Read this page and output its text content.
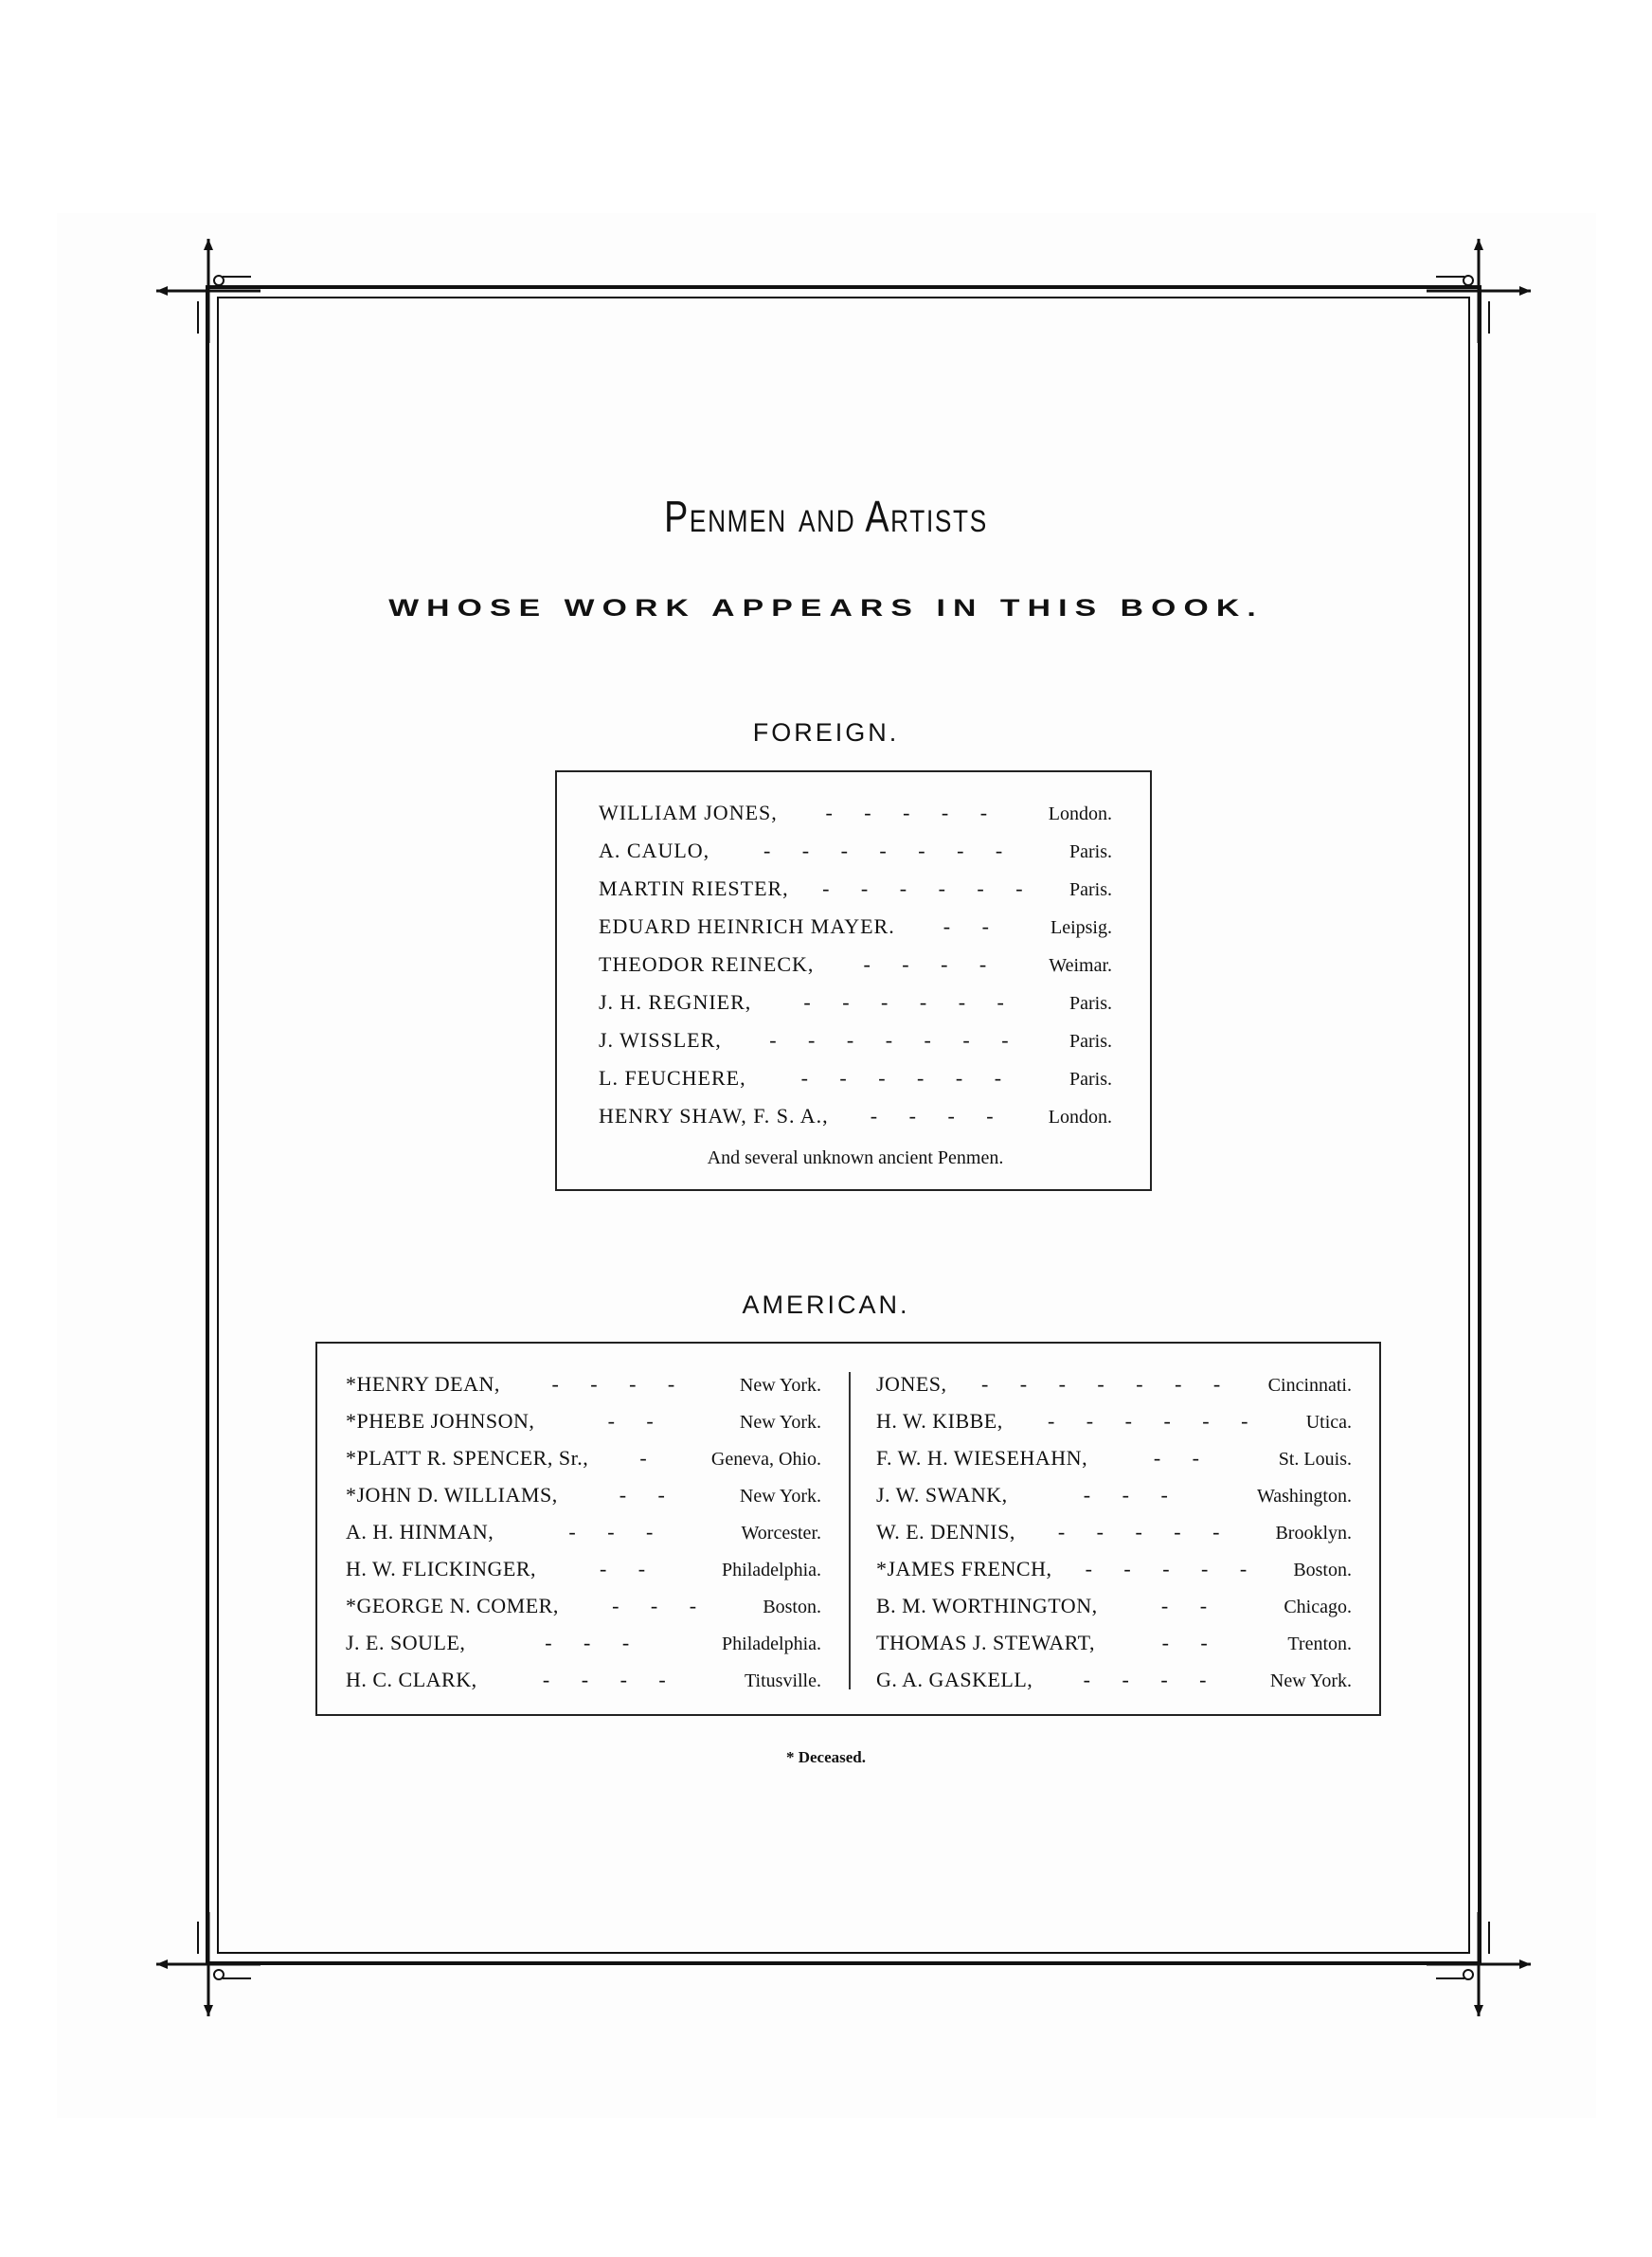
Penmen and Artists
WHOSE WORK APPEARS IN THIS BOOK.
FOREIGN.
WILLIAM JONES,	- - - - -	London.
A. CAULO,	- - - - - - -	Paris.
MARTIN RIESTER,	- - - - - -	Paris.
EDUARD HEINRICH MAYER.	- -	Leipsig.
THEODOR REINECK,	- - - -	Weimar.
J. H. REGNIER,	- - - - - -	Paris.
J. WISSLER,	- - - - - - -	Paris.
L. FEUCHERE,	- - - - - -	Paris.
HENRY SHAW, F. S. A.,	- - - -	London.
And several unknown ancient Penmen.
AMERICAN.
*HENRY DEAN,	- - - -	New York.
*PHEBE JOHNSON,	- -	New York.
*PLATT R. SPENCER, Sr.,	-	Geneva, Ohio.
*JOHN D. WILLIAMS,	- -	New York.
A. H. HINMAN,	- - -	Worcester.
H. W. FLICKINGER,	- -	Philadelphia.
*GEORGE N. COMER,	- - -	Boston.
J. E. SOULE,	- - -	Philadelphia.
H. C. CLARK,	- - - -	Titusville.
JONES,	- - - - - - -	Cincinnati.
H. W. KIBBE,	- - - - - -	Utica.
F. W. H. WIESEHAHN,	- -	St. Louis.
J. W. SWANK,	- - -	Washington.
W. E. DENNIS,	- - - - -	Brooklyn.
*JAMES FRENCH,	- - - - -	Boston.
B. M. WORTHINGTON,	- -	Chicago.
THOMAS J. STEWART,	- -	Trenton.
G. A. GASKELL,	- - - -	New York.
* Deceased.
